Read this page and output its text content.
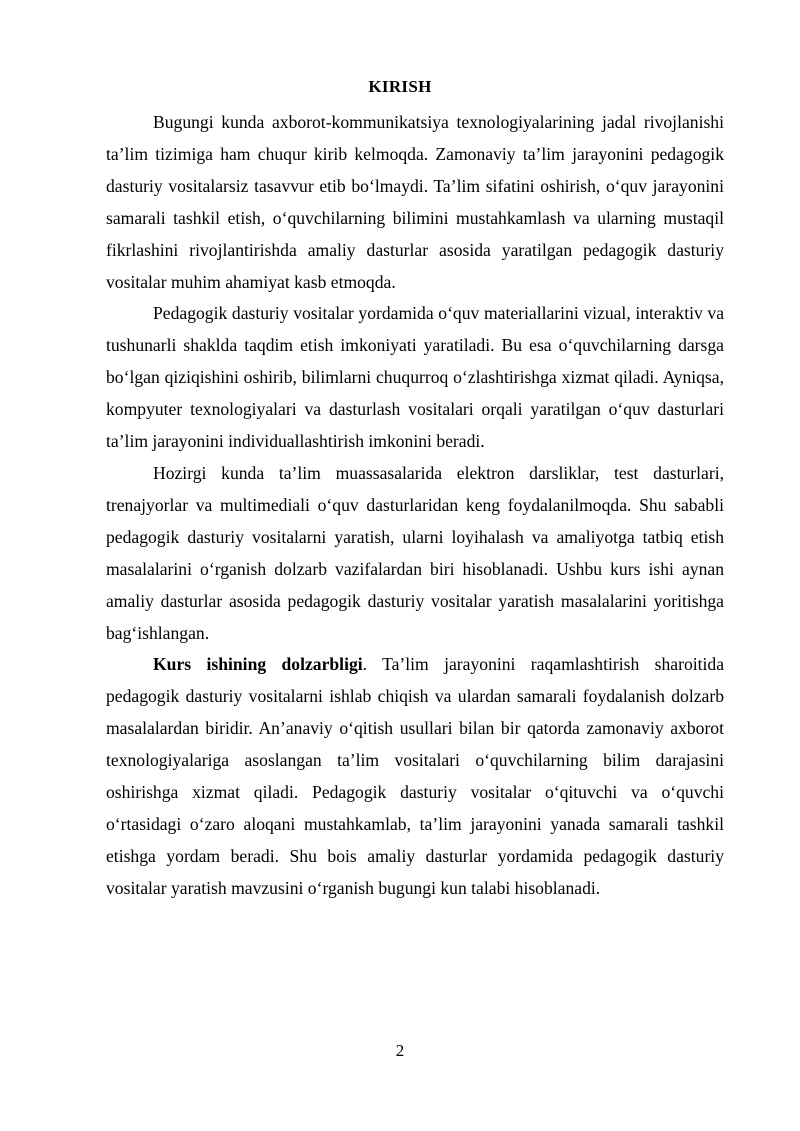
KIRISH

Bugungi kunda axborot-kommunikatsiya texnologiyalarining jadal rivojlanishi ta’lim tizimiga ham chuqur kirib kelmoqda. Zamonaviy ta’lim jarayonini pedagogik dasturiy vositalarsiz tasavvur etib bo‘lmaydi. Ta’lim sifatini oshirish, o‘quv jarayonini samarali tashkil etish, o‘quvchilarning bilimini mustahkamlash va ularning mustaqil fikrlashini rivojlantirishda amaliy dasturlar asosida yaratilgan pedagogik dasturiy vositalar muhim ahamiyat kasb etmoqda.

Pedagogik dasturiy vositalar yordamida o‘quv materiallarini vizual, interaktiv va tushunarli shaklda taqdim etish imkoniyati yaratiladi. Bu esa o‘quvchilarning darsga bo‘lgan qiziqishini oshirib, bilimlarni chuqurroq o‘zlashtirishga xizmat qiladi. Ayniqsa, kompyuter texnologiyalari va dasturlash vositalari orqali yaratilgan o‘quv dasturlari ta’lim jarayonini individuallashtirish imkonini beradi.

Hozirgi kunda ta’lim muassasalarida elektron darsliklar, test dasturlari, trenajyorlar va multimediali o‘quv dasturlaridan keng foydalanilmoqda. Shu sababli pedagogik dasturiy vositalarni yaratish, ularni loyihalash va amaliyotga tatbiq etish masalalarini o‘rganish dolzarb vazifalardan biri hisoblanadi. Ushbu kurs ishi aynan amaliy dasturlar asosida pedagogik dasturiy vositalar yaratish masalalarini yoritishga bag‘ishlangan.

Kurs ishining dolzarbligi. Ta’lim jarayonini raqamlashtirish sharoitida pedagogik dasturiy vositalarni ishlab chiqish va ulardan samarali foydalanish dolzarb masalalardan biridir. An’anaviy o‘qitish usullari bilan bir qatorda zamonaviy axborot texnologiyalariga asoslangan ta’lim vositalari o‘quvchilarning bilim darajasini oshirishga xizmat qiladi. Pedagogik dasturiy vositalar o‘qituvchi va o‘quvchi o‘rtasidagi o‘zaro aloqani mustahkamlab, ta’lim jarayonini yanada samarali tashkil etishga yordam beradi. Shu bois amaliy dasturlar yordamida pedagogik dasturiy vositalar yaratish mavzusini o‘rganish bugungi kun talabi hisoblanadi.

2
